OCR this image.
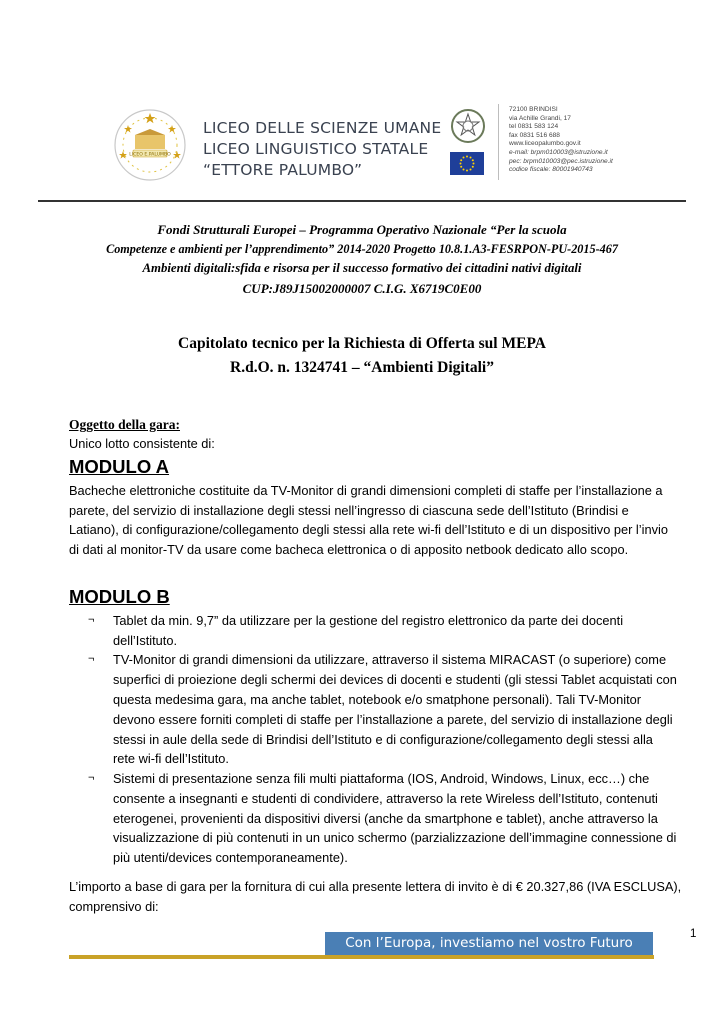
LICEO E.PALUMBO
LICEO DELLE SCIENZE UMANE
LICEO LINGUISTICO STATALE
“ETTORE PALUMBO”
72100 BRINDISI
via Achille Grandi, 17
tel 0831 583 124
fax 0831 516 688
www.liceopalumbo.gov.it
e-mail: brpm010003@istruzione.it
pec: brpm010003@pec.istruzione.it
codice fiscale: 80001940743
Fondi Strutturali Europei – Programma Operativo Nazionale “Per la scuola
Competenze e ambienti per l’apprendimento” 2014-2020 Progetto 10.8.1.A3-FESRPON-PU-2015-467
Ambienti digitali:sfida e risorsa per il successo formativo dei cittadini nativi digitali
CUP:J89J15002000007 C.I.G. X6719C0E00
Capitolato tecnico per la Richiesta di Offerta sul MEPA
R.d.O. n. 1324741 – “Ambienti Digitali”
Oggetto della gara:
Unico lotto consistente di:
MODULO A
Bacheche elettroniche costituite da TV-Monitor di grandi dimensioni completi di staffe per l’installazione a parete, del servizio di installazione degli stessi nell’ingresso di ciascuna sede dell’Istituto (Brindisi e Latiano), di configurazione/collegamento degli stessi alla rete wi-fi dell’Istituto e di un dispositivo per l’invio di dati al monitor-TV da usare come bacheca elettronica o di apposito netbook dedicato allo scopo.
MODULO B
¬	Tablet da min. 9,7” da utilizzare per la gestione del registro elettronico da parte dei docenti dell’Istituto.
¬	TV-Monitor di grandi dimensioni da utilizzare, attraverso il sistema MIRACAST (o superiore) come superfici di proiezione degli schermi dei devices di docenti e studenti (gli stessi Tablet acquistati con questa medesima gara, ma anche tablet, notebook e/o smatphone personali). Tali TV-Monitor devono essere forniti completi di staffe per l’installazione a parete, del servizio di installazione degli stessi in aule della sede di Brindisi dell’Istituto e di configurazione/collegamento degli stessi alla rete wi-fi dell’Istituto.
¬	Sistemi di presentazione senza fili multi piattaforma (IOS, Android, Windows, Linux, ecc…) che consente a insegnanti e studenti di condividere, attraverso la rete Wireless dell’Istituto, contenuti eterogenei, provenienti da dispositivi diversi (anche da smartphone e tablet), anche attraverso la visualizzazione di più contenuti in un unico schermo (parzializzazione dell’immagine connessione di più utenti/devices contemporaneamente).
L’importo a base di gara per la fornitura di cui alla presente lettera di invito è di € 20.327,86 (IVA ESCLUSA), comprensivo di:
1
Con l’Europa, investiamo nel vostro Futuro
